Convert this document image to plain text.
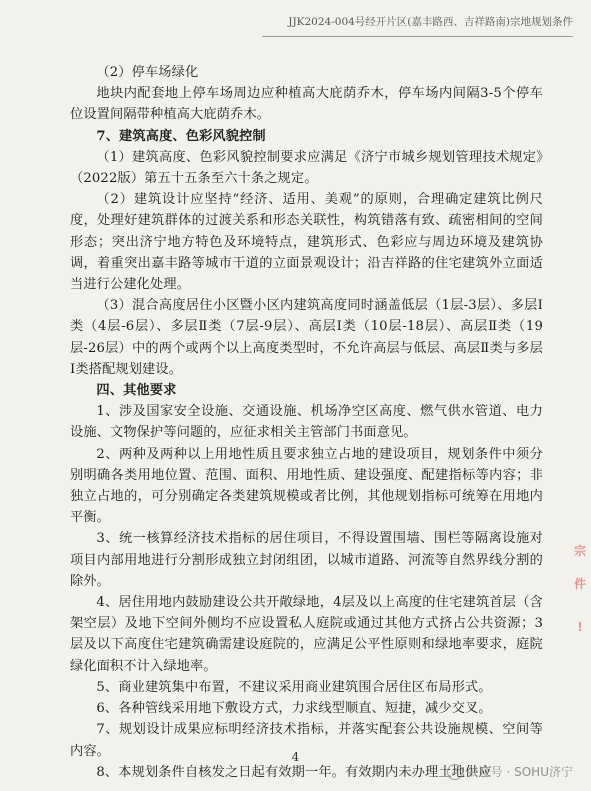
JJK2024-004号经开片区(嘉丰路西、吉祥路南)宗地规划条件

（2）停车场绿化

地块内配套地上停车场周边应种植高大庇荫乔木，停车场内间隔3-5个停车位设置间隔带种植高大庇荫乔木。

7、建筑高度、色彩风貌控制

（1）建筑高度、色彩风貌控制要求应满足《济宁市城乡规划管理技术规定》（2022版）第五十五条至六十条之规定。

（2）建筑设计应坚持“经济、适用、美观”的原则，合理确定建筑比例尺度，处理好建筑群体的过渡关系和形态关联性，构筑错落有致、疏密相间的空间形态；突出济宁地方特色及环境特点，建筑形式、色彩应与周边环境及建筑协调，着重突出嘉丰路等城市干道的立面景观设计；沿吉祥路的住宅建筑外立面适当进行公建化处理。

（3）混合高度居住小区暨小区内建筑高度同时涵盖低层（1层-3层）、多层Ⅰ类（4层-6层）、多层Ⅱ类（7层-9层）、高层Ⅰ类（10层-18层）、高层Ⅱ类（19层-26层）中的两个或两个以上高度类型时，不允许高层与低层、高层Ⅱ类与多层Ⅰ类搭配规划建设。

四、其他要求

1、涉及国家安全设施、交通设施、机场净空区高度、燃气供水管道、电力设施、文物保护等问题的，应征求相关主管部门书面意见。

2、两种及两种以上用地性质且要求独立占地的建设项目，规划条件中须分别明确各类用地位置、范围、面积、用地性质、建设强度、配建指标等内容；非独立占地的，可分别确定各类建筑规模或者比例，其他规划指标可统筹在用地内平衡。

3、统一核算经济技术指标的居住项目，不得设置围墙、围栏等隔离设施对项目内部用地进行分割形成独立封闭组团，以城市道路、河流等自然界线分割的除外。

4、居住用地内鼓励建设公共开敞绿地，4层及以上高度的住宅建筑首层（含架空层）及地下空间外侧均不应设置私人庭院或通过其他方式挤占公共资源；3层及以下高度住宅建筑确需建设庭院的，应满足公平性原则和绿地率要求，庭院绿化面积不计入绿地率。

5、商业建筑集中布置，不建议采用商业建筑围合居住区布局形式。

6、各种管线采用地下敷设方式，力求线型顺直、短捷，减少交叉。

7、规划设计成果应标明经济技术指标，并落实配套公共设施规模、空间等内容。

8、本规划条件自核发之日起有效期一年。有效期内未办理土地供应

宗
件
!
4
公众号 · SOHU济宁
